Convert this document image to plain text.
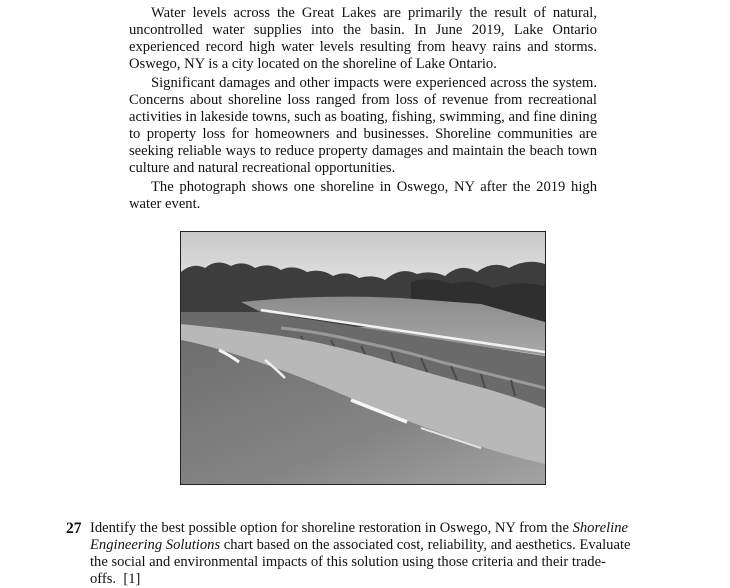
Water levels across the Great Lakes are primarily the result of natural, uncontrolled water supplies into the basin. In June 2019, Lake Ontario experienced record high water levels resulting from heavy rains and storms. Oswego, NY is a city located on the shoreline of Lake Ontario.

Significant damages and other impacts were experienced across the system. Concerns about shoreline loss ranged from loss of revenue from recreational activities in lakeside towns, such as boating, fishing, swimming, and fine dining to property loss for homeowners and businesses. Shoreline communities are seeking reliable ways to reduce property damages and maintain the beach town culture and natural recreational opportunities.

The photograph shows one shoreline in Oswego, NY after the 2019 high water event.

27 Identify the best possible option for shoreline restoration in Oswego, NY from the Shoreline Engineering Solutions chart based on the associated cost, reliability, and aesthetics. Evaluate the social and environmental impacts of this solution using those criteria and their trade-offs. [1]
